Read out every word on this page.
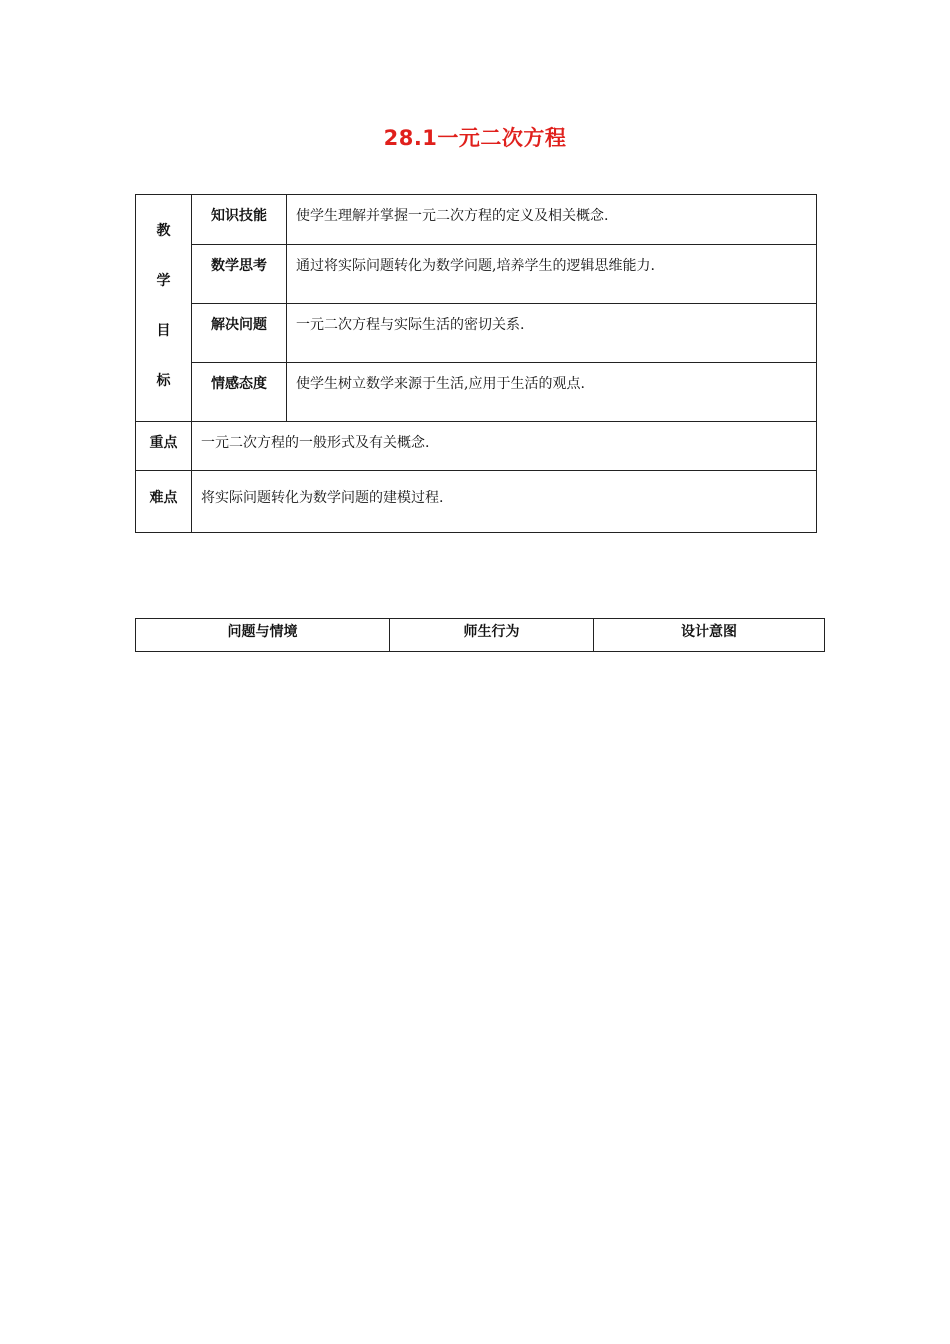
28.1一元二次方程
教
学
目
标	知识技能	使学生理解并掌握一元二次方程的定义及相关概念.
	数学思考	通过将实际问题转化为数学问题,培养学生的逻辑思维能力.
	解决问题	一元二次方程与实际生活的密切关系.
	情感态度	使学生树立数学来源于生活,应用于生活的观点.
重点	一元二次方程的一般形式及有关概念.	
难点	将实际问题转化为数学问题的建模过程.	
问题与情境	师生行为	设计意图
